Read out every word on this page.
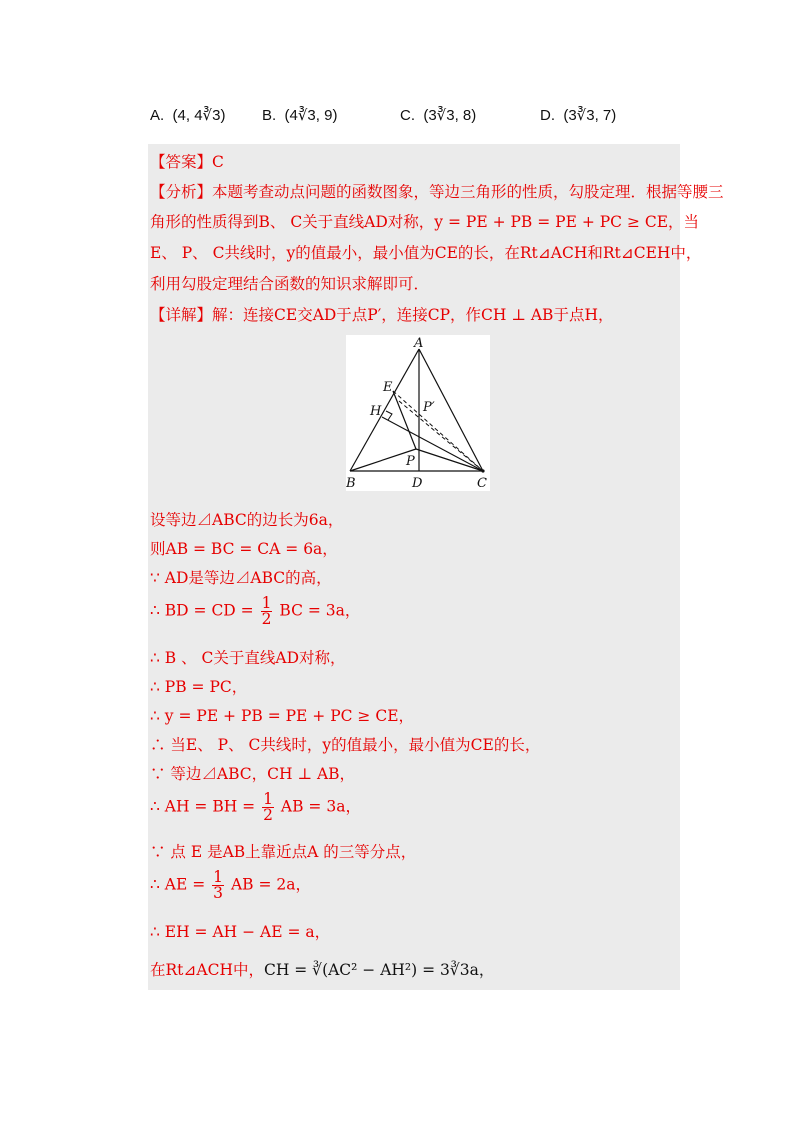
A. (4, 4∛3) B. (4∛3, 9)	C. (3∛3, 8)	D. (3∛3, 7)
【答案】C
【分析】本题考查动点问题的函数图象，等边三角形的性质，勾股定理．根据等腰三
角形的性质得到B、 C关于直线AD对称，y = PE + PB = PE + PC ≥ CE，当
E、 P、 C共线时，y的值最小，最小值为CE的长，在Rt⊿ACH和Rt⊿CEH中，
利用勾股定理结合函数的知识求解即可．
【详解】解：连接CE交AD于点P′，连接CP，作CH ⊥ AB于点H，
A
B	C
D
E
H
P
P′
设等边⊿ABC的边长为6a，
则AB = BC = CA = 6a，
∵ AD是等边⊿ABC的高，
∴ BD = CD = $\frac{1}{2}$ BC = 3a，
∴ B 、 C关于直线AD对称，
∴ PB = PC，
∴ y = PE + PB = PE + PC ≥ CE，
∴ 当E、 P、 C共线时，y的值最小，最小值为CE的长，
∵ 等边⊿ABC，CH ⊥ AB，
∴ AH = BH = $\frac{1}{2}$ AB = 3a，
∵ 点 E 是AB上靠近点A 的三等分点，
∴ AE = $\frac{1}{3}$ AB = 2a，
∴ EH = AH − AE = a，
在Rt⊿ACH中，CH = ∛(AC² − AH²) = 3∛3a，
